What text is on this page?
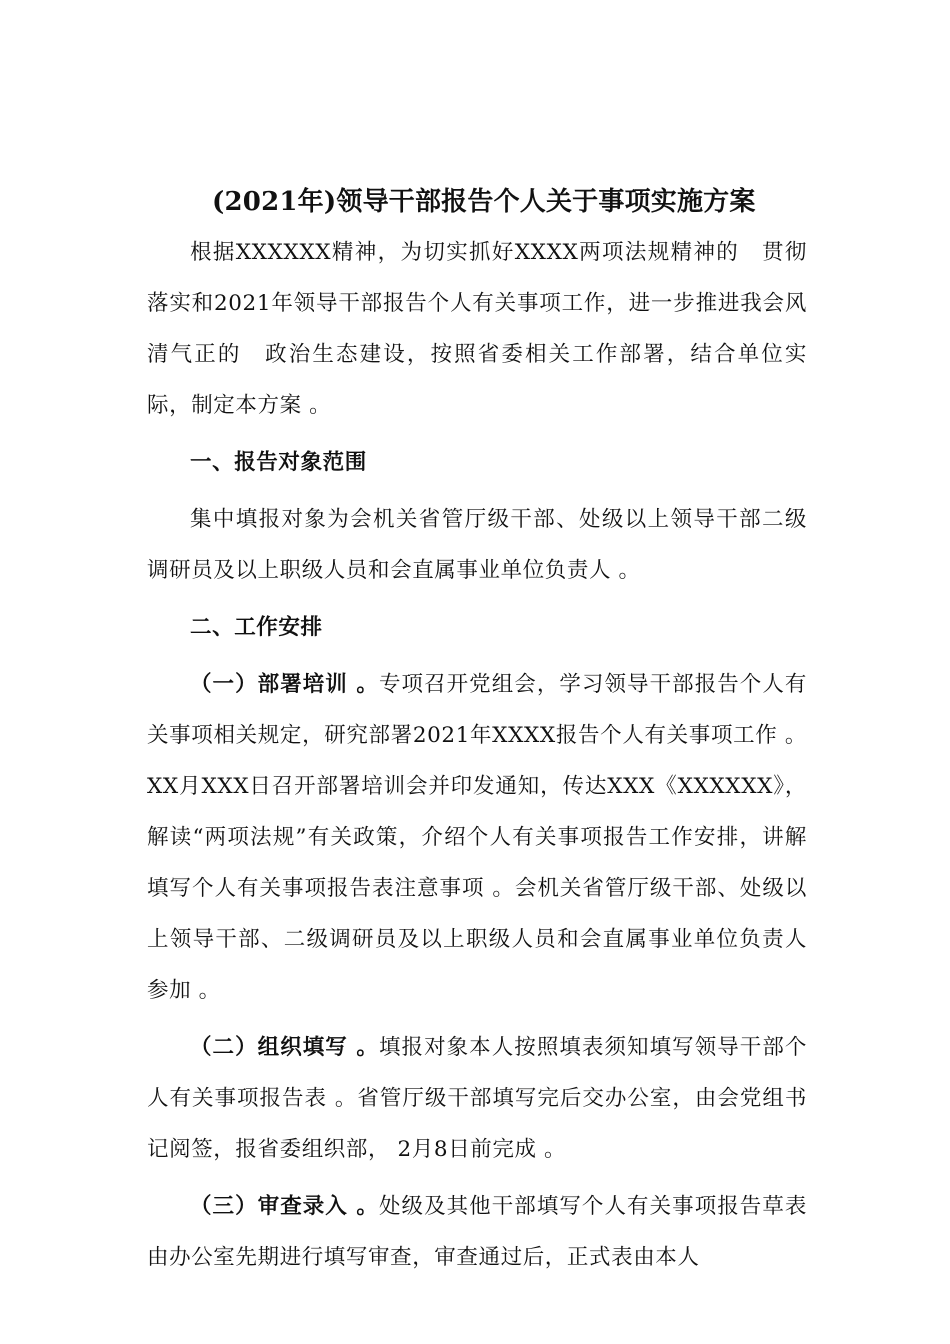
(2021年)领导干部报告个人关于事项实施方案

根据XXXXXX精神，为切实抓好XXXX两项法规精神的　贯彻落实和2021年领导干部报告个人有关事项工作，进一步推进我会风清气正的　政治生态建设，按照省委相关工作部署，结合单位实际，制定本方案 。

一、报告对象范围

集中填报对象为会机关省管厅级干部、处级以上领导干部二级调研员及以上职级人员和会直属事业单位负责人 。

二、工作安排

（一）部署培训 。专项召开党组会，学习领导干部报告个人有关事项相关规定，研究部署2021年XXXX报告个人有关事项工作 。XX月XXX日召开部署培训会并印发通知，传达XXX《XXXXXX》，解读“两项法规”有关政策，介绍个人有关事项报告工作安排，讲解填写个人有关事项报告表注意事项 。会机关省管厅级干部、处级以上领导干部、二级调研员及以上职级人员和会直属事业单位负责人参加 。

（二）组织填写 。填报对象本人按照填表须知填写领导干部个人有关事项报告表 。省管厅级干部填写完后交办公室，由会党组书记阅签，报省委组织部， 2月8日前完成 。

（三）审查录入 。处级及其他干部填写个人有关事项报告草表由办公室先期进行填写审查，审查通过后，正式表由本人
